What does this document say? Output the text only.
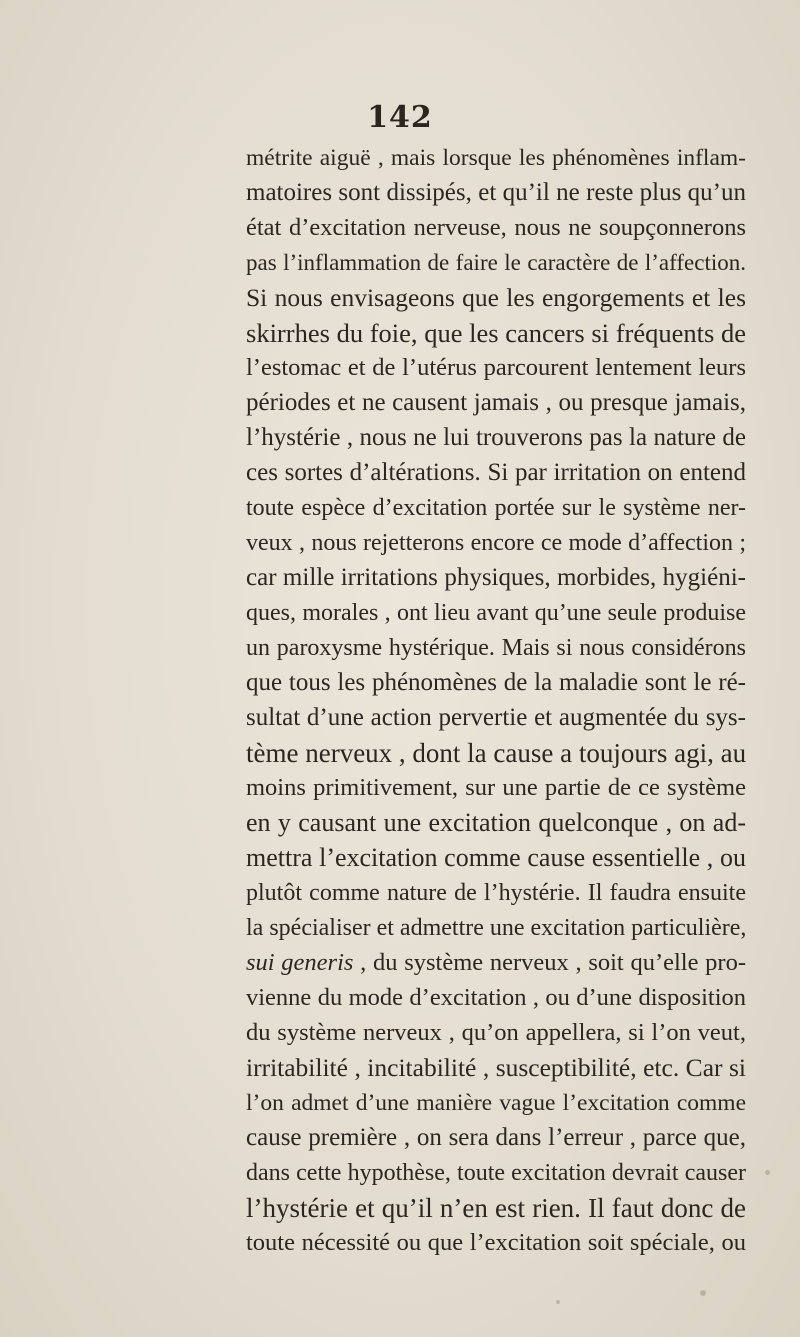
142
métrite aiguë , mais lorsque les phénomènes inflam-
matoires sont dissipés, et qu’il ne reste plus qu’un
état d’excitation nerveuse, nous ne soupçonnerons
pas l’inflammation de faire le caractère de l’affection.
Si nous envisageons que les engorgements et les
skirrhes du foie, que les cancers si fréquents de
l’estomac et de l’utérus parcourent lentement leurs
périodes et ne causent jamais , ou presque jamais,
l’hystérie , nous ne lui trouverons pas la nature de
ces sortes d’altérations. Si par irritation on entend
toute espèce d’excitation portée sur le système ner-
veux , nous rejetterons encore ce mode d’affection ;
car mille irritations physiques, morbides, hygiéni-
ques, morales , ont lieu avant qu’une seule produise
un paroxysme hystérique. Mais si nous considérons
que tous les phénomènes de la maladie sont le ré-
sultat d’une action pervertie et augmentée du sys-
tème nerveux , dont la cause a toujours agi, au
moins primitivement, sur une partie de ce système
en y causant une excitation quelconque , on ad-
mettra l’excitation comme cause essentielle , ou
plutôt comme nature de l’hystérie. Il faudra ensuite
la spécialiser et admettre une excitation particulière,
sui generis , du système nerveux , soit qu’elle pro-
vienne du mode d’excitation , ou d’une disposition
du système nerveux , qu’on appellera, si l’on veut,
irritabilité , incitabilité , susceptibilité, etc. Car si
l’on admet d’une manière vague l’excitation comme
cause première , on sera dans l’erreur , parce que,
dans cette hypothèse, toute excitation devrait causer
l’hystérie et qu’il n’en est rien. Il faut donc de
toute nécessité ou que l’excitation soit spéciale, ou
